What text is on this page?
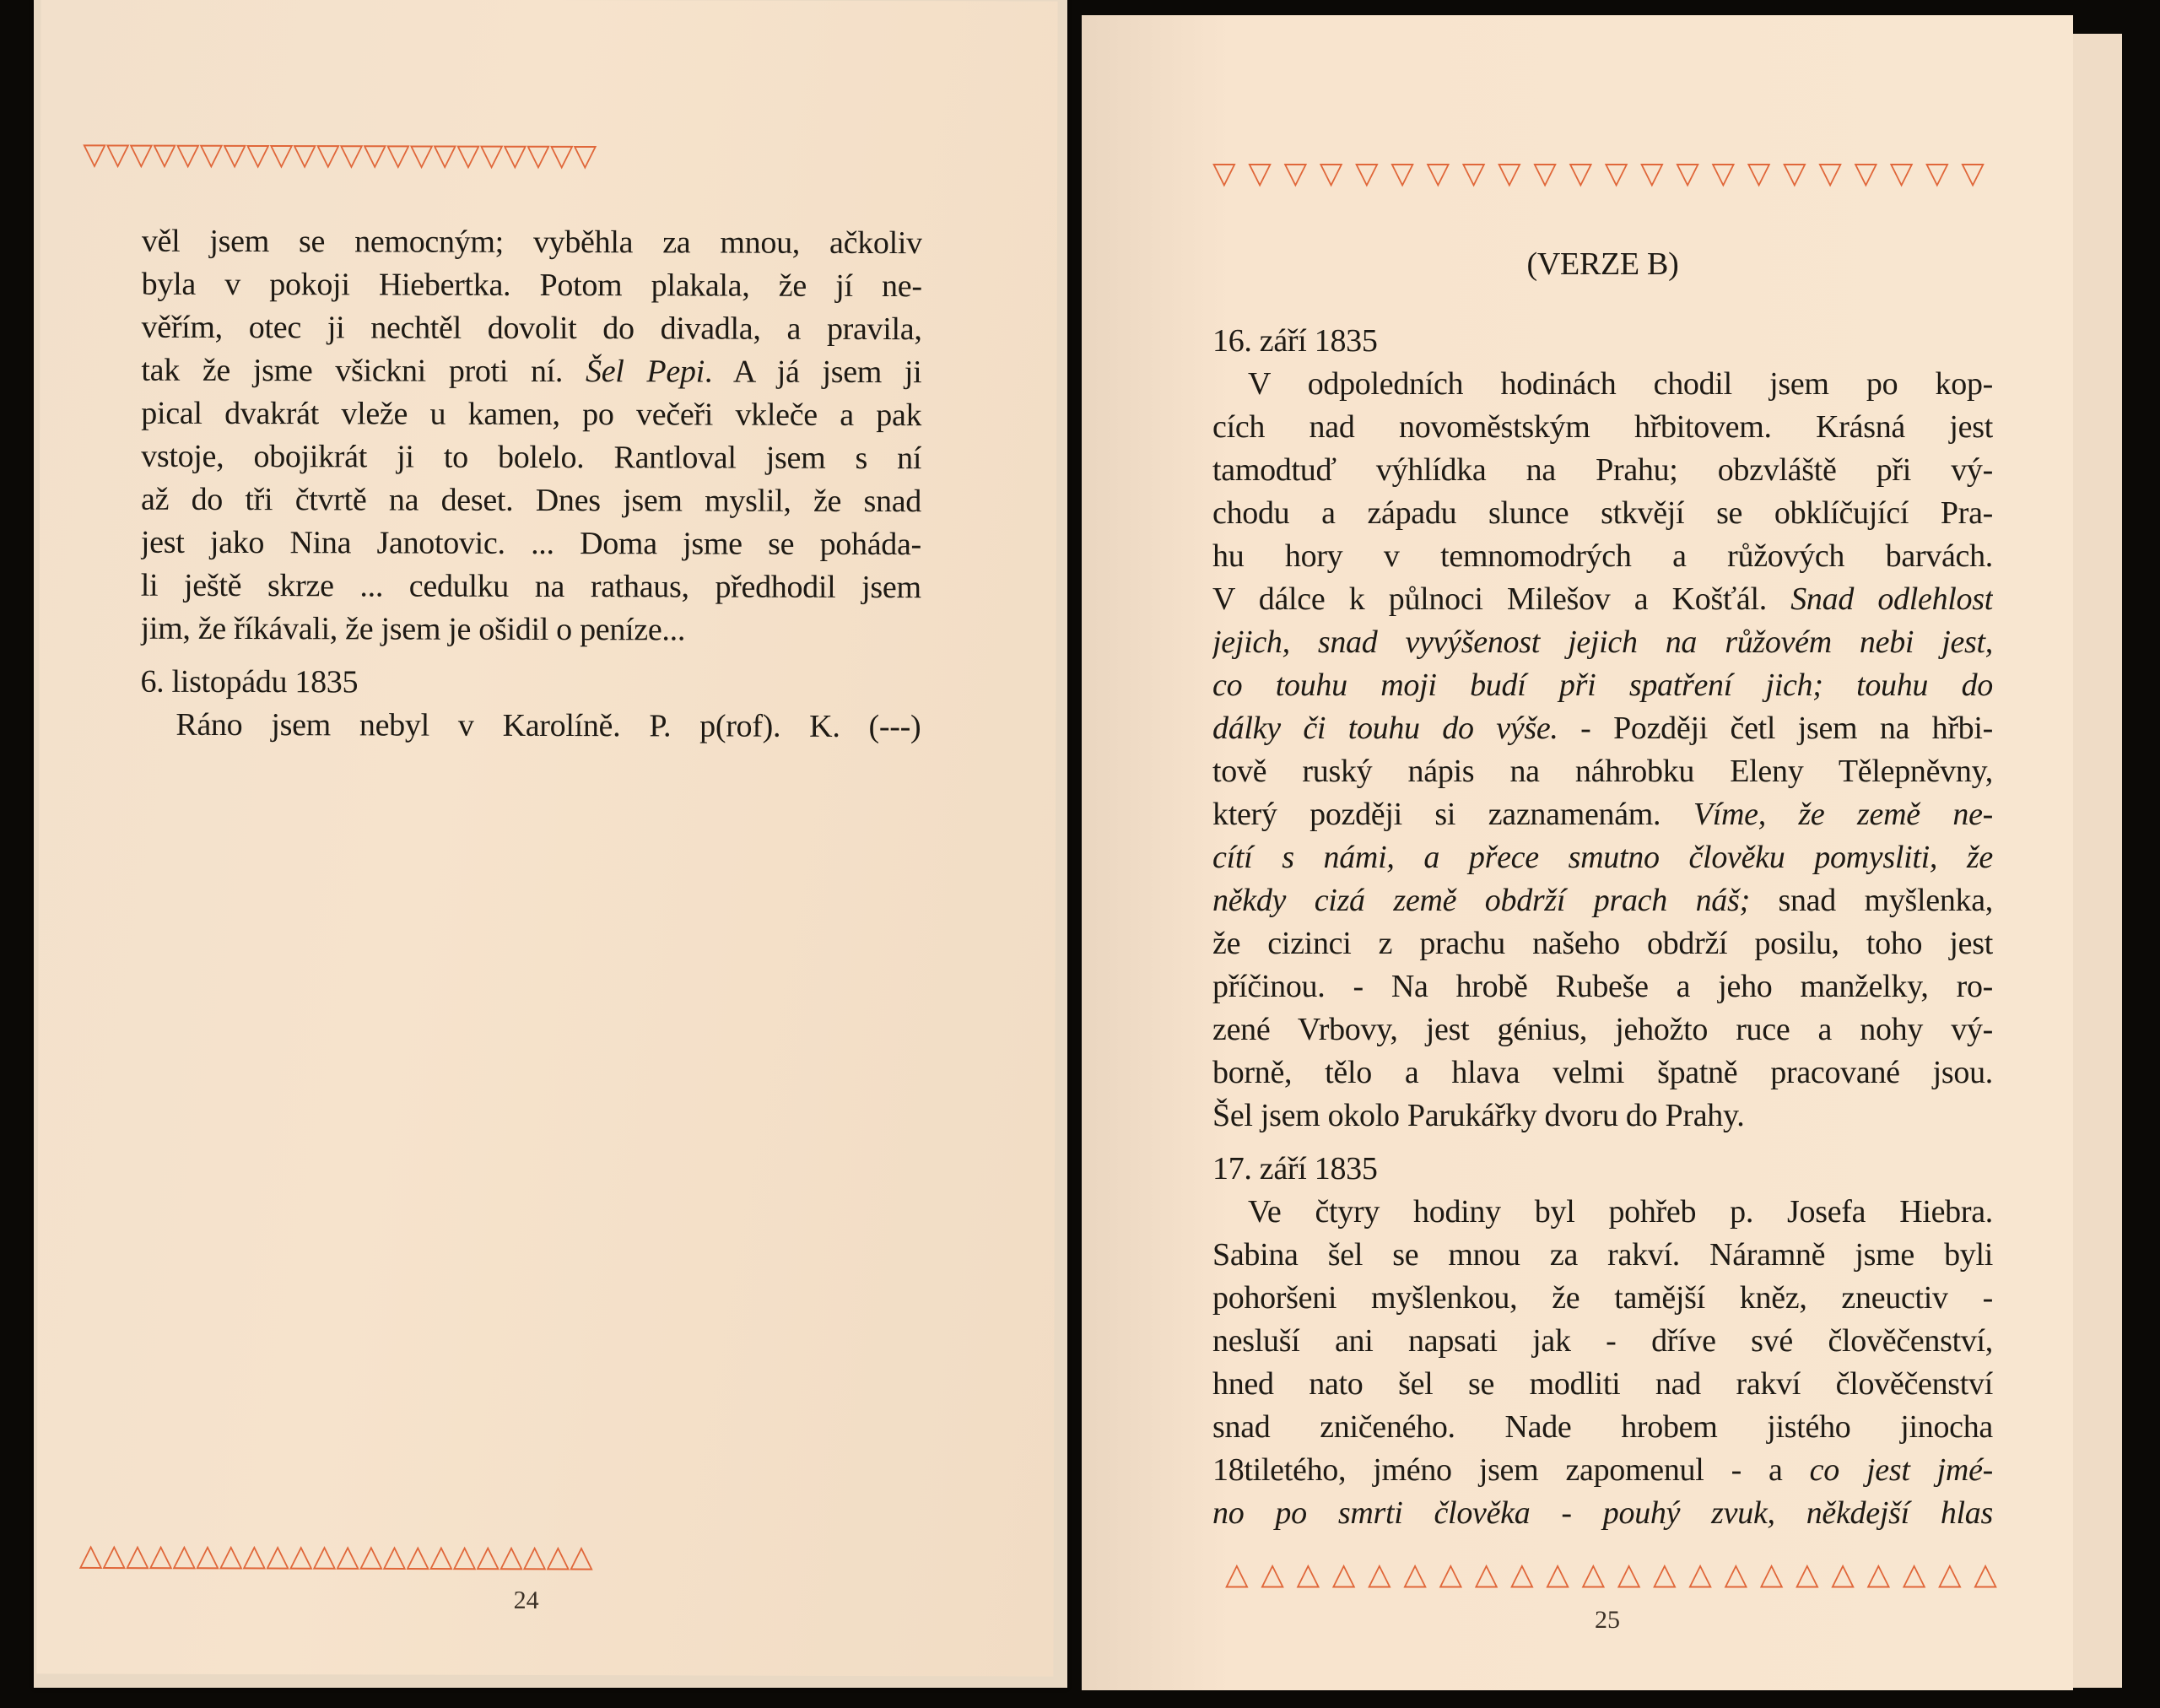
▽ ▽ ▽ ▽ ▽ ▽ ▽ ▽ ▽ ▽ ▽ ▽ ▽ ▽ ▽ ▽ ▽ ▽ ▽ ▽ ▽ ▽
věl jsem se nemocným; vyběhla za mnou, ačkoliv
byla v pokoji Hiebertka. Potom plakala, že jí ne-
věřím, otec ji nechtěl dovolit do divadla, a pravila,
tak že jsme všickni proti ní. Šel Pepi. A já jsem ji
pical dvakrát vleže u kamen, po večeři vkleče a pak
vstoje, obojikrát ji to bolelo. Rantloval jsem s ní
až do tři čtvrtě na deset. Dnes jsem myslil, že snad
jest jako Nina Janotovic. ... Doma jsme se poháda-
li ještě skrze ... cedulku na rathaus, předhodil jsem
jim, že říkávali, že jsem je ošidil o peníze...
6. listopádu 1835
Ráno jsem nebyl v Karolíně. P. p(rof). K. (---)
△ △ △ △ △ △ △ △ △ △ △ △ △ △ △ △ △ △ △ △ △ △
24
▽ ▽ ▽ ▽ ▽ ▽ ▽ ▽ ▽ ▽ ▽ ▽ ▽ ▽ ▽ ▽ ▽ ▽ ▽ ▽ ▽ ▽
(VERZE B)
16. září 1835
V odpoledních hodinách chodil jsem po kop-
cích nad novoměstským hřbitovem. Krásná jest
tamodtuď výhlídka na Prahu; obzvláště při vý-
chodu a západu slunce stkvějí se obklíčující Pra-
hu hory v temnomodrých a růžových barvách.
V dálce k půlnoci Milešov a Košťál. Snad odlehlost
jejich, snad vyvýšenost jejich na růžovém nebi jest,
co touhu moji budí při spatření jich; touhu do
dálky či touhu do výše. - Později četl jsem na hřbi-
tově ruský nápis na náhrobku Eleny Tělepněvny,
který později si zaznamenám. Víme, že země ne-
cítí s námi, a přece smutno člověku pomysliti, že
někdy cizá země obdrží prach náš; snad myšlenka,
že cizinci z prachu našeho obdrží posilu, toho jest
příčinou. - Na hrobě Rubeše a jeho manželky, ro-
zené Vrbovy, jest génius, jehožto ruce a nohy vý-
borně, tělo a hlava velmi špatně pracované jsou.
Šel jsem okolo Parukářky dvoru do Prahy.
17. září 1835
Ve čtyry hodiny byl pohřeb p. Josefa Hiebra.
Sabina šel se mnou za rakví. Náramně jsme byli
pohoršeni myšlenkou, že tamější kněz, zneuctiv -
nesluší ani napsati jak - dříve své člověčenství,
hned nato šel se modliti nad rakví člověčenství
snad zničeného. Nade hrobem jistého jinocha
18tiletého, jméno jsem zapomenul - a co jest jmé-
no po smrti člověka - pouhý zvuk, někdejší hlas
△ △ △ △ △ △ △ △ △ △ △ △ △ △ △ △ △ △ △ △ △ △
25
